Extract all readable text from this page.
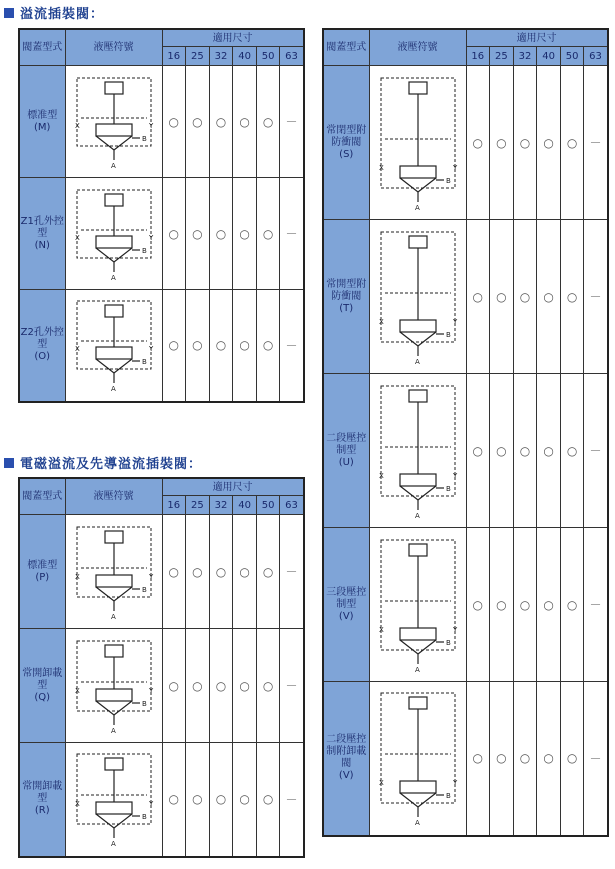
溢流插裝閥：
閥蓋型式	液壓符號	適用尺寸					
		16	25	32	40	50	63

標准型
(M)	X Y
B
A	○	○	○	○	○	－

Z1孔外控型
(N)	X Y
B
A	○	○	○	○	○	－

Z2孔外控型
(O)	X Y
B
A	○	○	○	○	○	－
電磁溢流及先導溢流插裝閥：
閥蓋型式	液壓符號	適用尺寸					
		16	25	32	40	50	63

標准型
(P)	X Y
B
A	○	○	○	○	○	－

常開卸載型
(Q)	X Y
B
A	○	○	○	○	○	－

常開卸載型
(R)	X Y
B
A	○	○	○	○	○	－
閥蓋型式	液壓符號	適用尺寸					
		16	25	32	40	50	63

常閉型附防衝閥
(S)	X Y
B
A	○	○	○	○	○	－

常開型附防衝閥
(T)	X Y
B
A	○	○	○	○	○	－

二段壓控制型
(U)	X Y
B
A	○	○	○	○	○	－

三段壓控制型
(V)	X Y
B
A	○	○	○	○	○	－

二段壓控制附卸載閥
(V)	X Y
B
A	○	○	○	○	○	－
